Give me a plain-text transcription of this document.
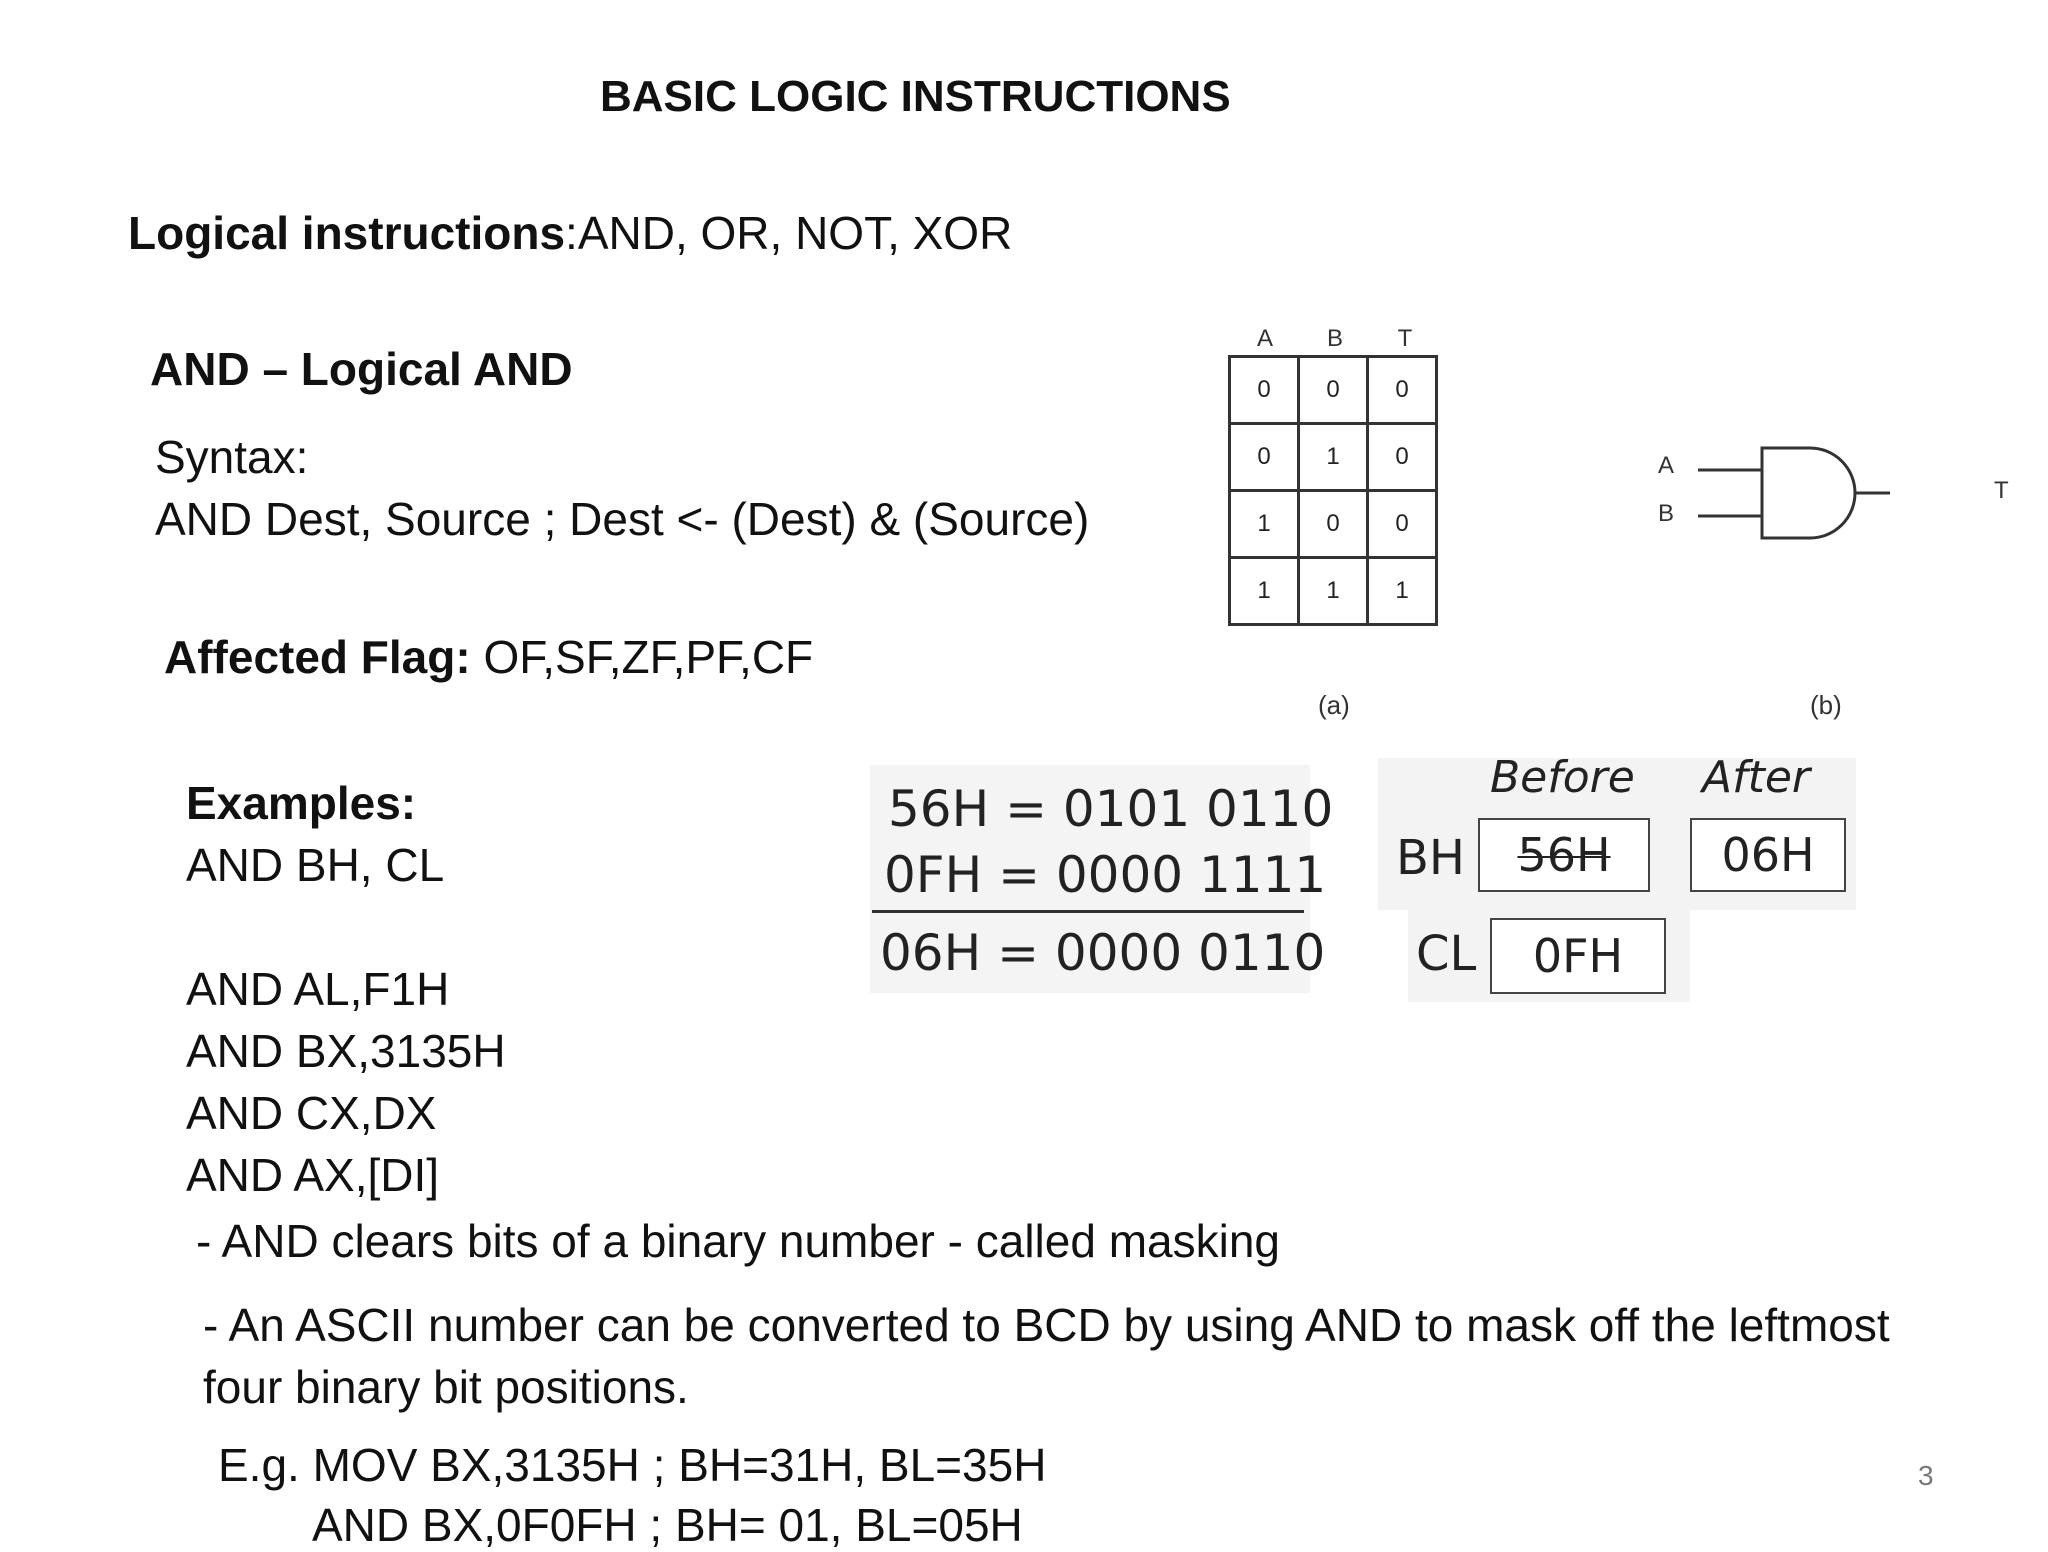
BASIC LOGIC INSTRUCTIONS
Logical instructions:AND, OR, NOT, XOR
AND – Logical AND
Syntax:
AND Dest, Source ; Dest <- (Dest) & (Source)
Affected Flag: OF,SF,ZF,PF,CF
Examples:
AND BH, CL
AND AL,F1H
AND BX,3135H
AND CX,DX
AND AX,[DI]
- AND clears bits of a binary number - called masking
- An ASCII number can be converted to BCD by using AND to mask off the leftmost
four binary bit positions.
E.g. MOV BX,3135H ; BH=31H, BL=35H
AND BX,0F0FH ; BH= 01, BL=05H
A	B	T
0	0	0
0	1	0
1	0	0
1	1	1
(a)
A
B
T
(b)
56H = 0101 0110
0FH = 0000 1111
06H = 0000 0110
Before After
BH	56H	06H
CL	0FH
3
